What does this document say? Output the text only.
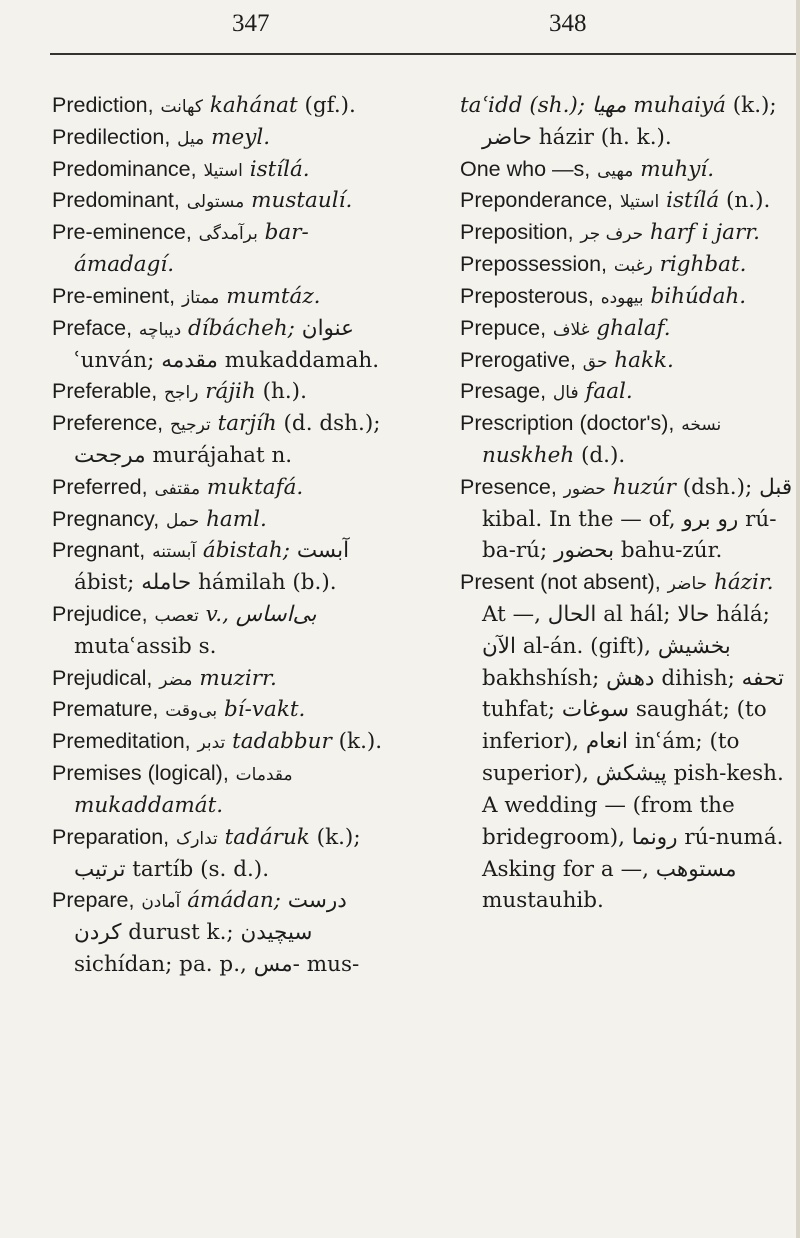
347	348

Prediction, کهانت kahánat (gf.).

Predilection, میل meyl.

Predominance, استیلا istílá.

Predominant, مستولی mustaulí.

Pre-eminence, برآمدگی bar-ámadagí.

Pre-eminent, ممتاز mumtáz.

Preface, دیباچه díbácheh; عنوان ʿunván; مقدمه mukaddamah.

Preferable, راجح rájih (h.).

Preference, ترجیح tarjíh (d. dsh.); مرجحت murájahat n.

Preferred, مقتفی muktafá.

Pregnancy, حمل haml.

Pregnant, آبستنه ábistah; آبست ábist; حامله hámilah (b.).

Prejudice, تعصب v., بی‌اساس mutaʿassib s.

Prejudical, مضر muzirr.

Premature, بی‌وقت bí-vakt.

Premeditation, تدبر tadabbur (k.).

Premises (logical), مقدمات mukaddamát.

Preparation, تدارک tadáruk (k.); ترتیب tartíb (s. d.).

Prepare, آمادن ámádan; درست کردن durust k.; سیچیدن sichídan; pa. p., مس- mus-

taʿidd (sh.); مهیا muhaiyá (k.); حاضر házir (h. k.).

One who —s, مهیی muhyí.

Preponderance, استیلا istílá (n.).

Preposition, حرف جر harf i jarr.

Prepossession, رغبت righbat.

Preposterous, بیهوده bihúdah.

Prepuce, غلاف ghalaf.

Prerogative, حق hakk.

Presage, فال faal.

Prescription (doctor's), نسخه nuskheh (d.).

Presence, حضور huzúr (dsh.); قبل kibal. In the — of, رو برو rú-ba-rú; بحضور bahu-zúr.

Present (not absent), حاضر házir. At —, الحال al hál; حالا hálá; الآن al-án. (gift), بخشیش bakhshísh; دهش dihish; تحفه tuhfat; سوغات saughát; (to inferior), انعام inʿám; (to superior), پیشکش pish-kesh. A wedding — (from the bridegroom), رونما rú-numá. Asking for a —, مستوهب mustauhib.
